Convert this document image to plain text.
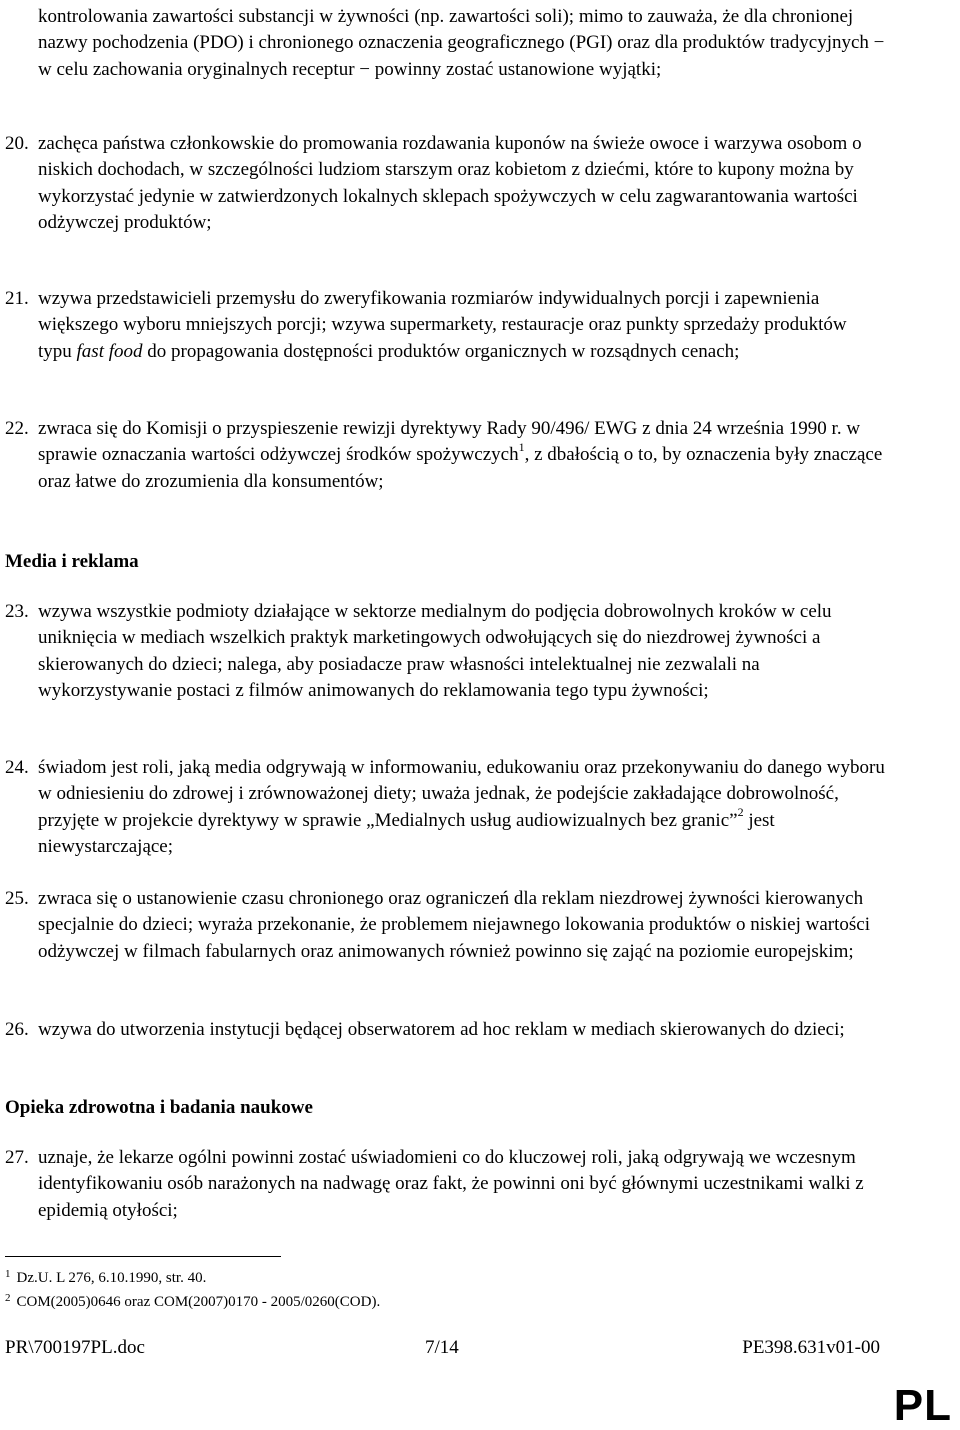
kontrolowania zawartości substancji w żywności (np. zawartości soli); mimo to zauważa, że dla chronionej nazwy pochodzenia (PDO) i chronionego oznaczenia geograficznego (PGI) oraz dla produktów tradycyjnych − w celu zachowania oryginalnych receptur − powinny zostać ustanowione wyjątki;
20. zachęca państwa członkowskie do promowania rozdawania kuponów na świeże owoce i warzywa osobom o niskich dochodach, w szczególności ludziom starszym oraz kobietom z dziećmi, które to kupony można by wykorzystać jedynie w zatwierdzonych lokalnych sklepach spożywczych w celu zagwarantowania wartości odżywczej produktów;
21. wzywa przedstawicieli przemysłu do zweryfikowania rozmiarów indywidualnych porcji i zapewnienia większego wyboru mniejszych porcji; wzywa supermarkety, restauracje oraz punkty sprzedaży produktów typu fast food do propagowania dostępności produktów organicznych w rozsądnych cenach;
22. zwraca się do Komisji o przyspieszenie rewizji dyrektywy Rady 90/496/ EWG z dnia 24 września 1990 r. w sprawie oznaczania wartości odżywczej środków spożywczych$^1$, z dbałością o to, by oznaczenia były znaczące oraz łatwe do zrozumienia dla konsumentów;
Media i reklama
23. wzywa wszystkie podmioty działające w sektorze medialnym do podjęcia dobrowolnych kroków w celu uniknięcia w mediach wszelkich praktyk marketingowych odwołujących się do niezdrowej żywności a skierowanych do dzieci; nalega, aby posiadacze praw własności intelektualnej nie zezwalali na wykorzystywanie postaci z filmów animowanych do reklamowania tego typu żywności;
24. świadom jest roli, jaką media odgrywają w informowaniu, edukowaniu oraz przekonywaniu do danego wyboru w odniesieniu do zdrowej i zrównoważonej diety; uważa jednak, że podejście zakładające dobrowolność, przyjęte w projekcie dyrektywy w sprawie „Medialnych usług audiowizualnych bez granic”$^2$ jest niewystarczające;
25. zwraca się o ustanowienie czasu chronionego oraz ograniczeń dla reklam niezdrowej żywności kierowanych specjalnie do dzieci; wyraża przekonanie, że problemem niejawnego lokowania produktów o niskiej wartości odżywczej w filmach fabularnych oraz animowanych również powinno się zająć na poziomie europejskim;
26. wzywa do utworzenia instytucji będącej obserwatorem ad hoc reklam w mediach skierowanych do dzieci;
Opieka zdrowotna i badania naukowe
27. uznaje, że lekarze ogólni powinni zostać uświadomieni co do kluczowej roli, jaką odgrywają we wczesnym identyfikowaniu osób narażonych na nadwagę oraz fakt, że powinni oni być głównymi uczestnikami walki z epidemią otyłości;
$^1$ Dz.U. L 276, 6.10.1990, str. 40.
$^2$ COM(2005)0646 oraz COM(2007)0170 - 2005/0260(COD).
PR\700197PL.doc	7/14	PE398.631v01-00
PL
